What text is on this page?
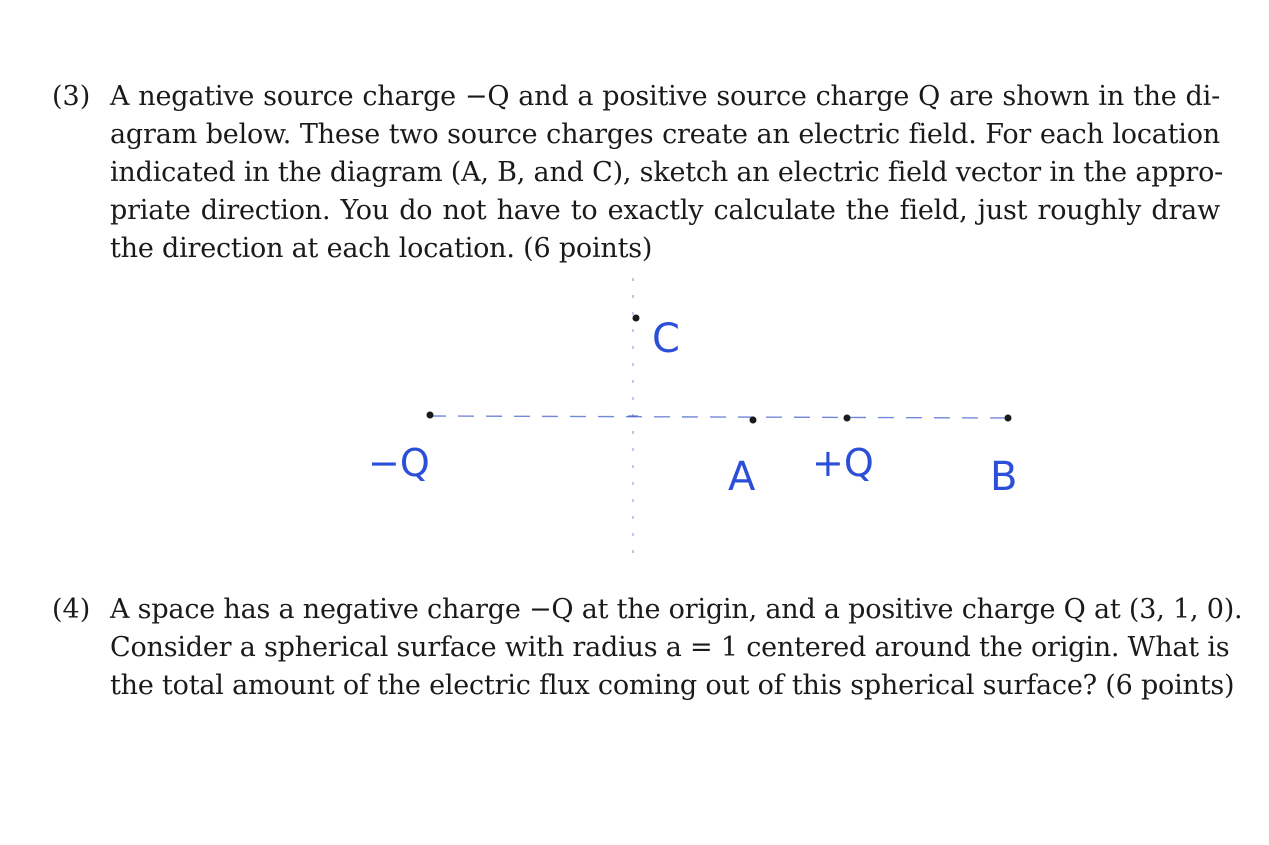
(3) A negative source charge −Q and a positive source charge Q are shown in the di-
agram below. These two source charges create an electric field. For each location
indicated in the diagram (A, B, and C), sketch an electric field vector in the appro-
priate direction. You do not have to exactly calculate the field, just roughly draw
the direction at each location. (6 points)
−Q
C
A +Q	B
(4) A space has a negative charge −Q at the origin, and a positive charge Q at (3, 1, 0).
Consider a spherical surface with radius a = 1 centered around the origin. What is
the total amount of the electric flux coming out of this spherical surface? (6 points)
